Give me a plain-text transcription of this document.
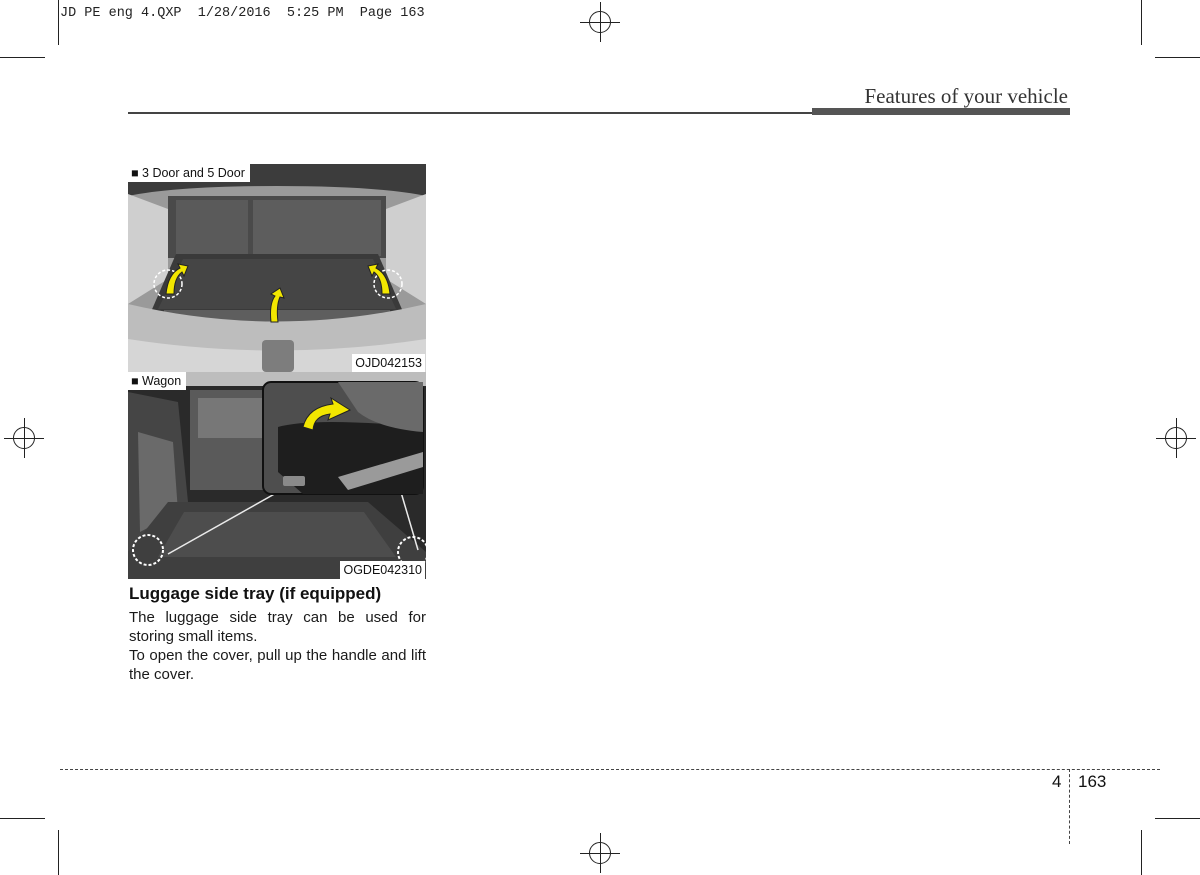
JD PE eng 4.QXP  1/28/2016  5:25 PM  Page 163
Features of your vehicle
■ 3 Door and 5 Door
OJD042153
■ Wagon
OGDE042310
Luggage side tray (if equipped)
The luggage side tray can be used for storing small items.
To open the cover, pull up the handle and lift the cover.
4 163
